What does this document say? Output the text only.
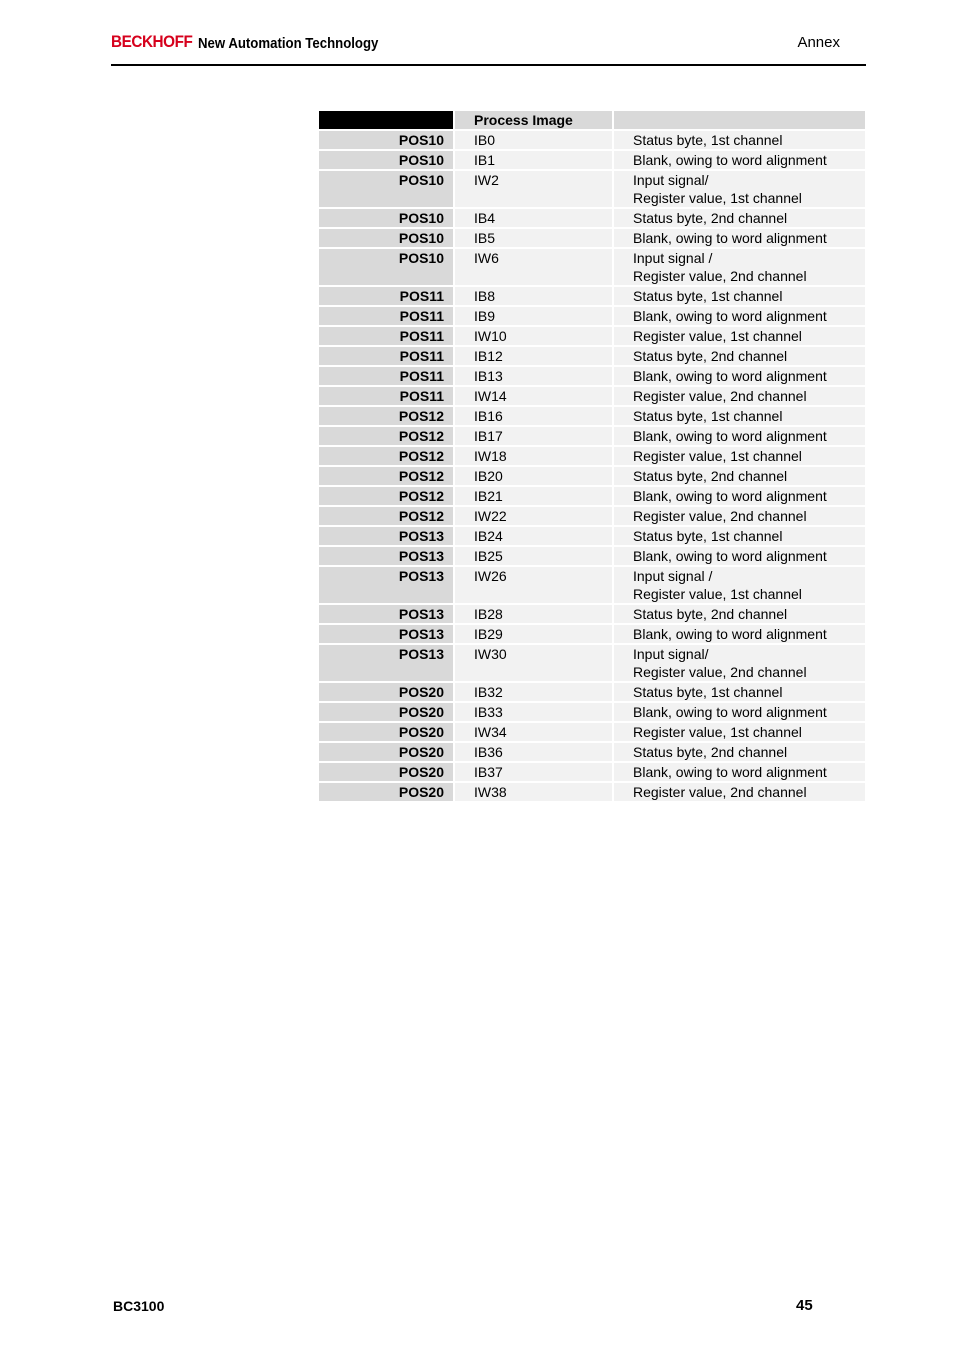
BECKHOFF New Automation Technology	Annex
	Process Image	
POS10	IB0	Status byte, 1st channel
POS10	IB1	Blank, owing to word alignment
POS10	IW2	Input signal/
Register value, 1st channel
POS10	IB4	Status byte, 2nd channel
POS10	IB5	Blank, owing to word alignment
POS10	IW6	Input signal /
Register value, 2nd channel
POS11	IB8	Status byte, 1st channel
POS11	IB9	Blank, owing to word alignment
POS11	IW10	Register value, 1st channel
POS11	IB12	Status byte, 2nd channel
POS11	IB13	Blank, owing to word alignment
POS11	IW14	Register value, 2nd channel
POS12	IB16	Status byte, 1st channel
POS12	IB17	Blank, owing to word alignment
POS12	IW18	Register value, 1st channel
POS12	IB20	Status byte, 2nd channel
POS12	IB21	Blank, owing to word alignment
POS12	IW22	Register value, 2nd channel
POS13	IB24	Status byte, 1st channel
POS13	IB25	Blank, owing to word alignment
POS13	IW26	Input signal /
Register value, 1st channel
POS13	IB28	Status byte, 2nd channel
POS13	IB29	Blank, owing to word alignment
POS13	IW30	Input signal/
Register value, 2nd channel
POS20	IB32	Status byte, 1st channel
POS20	IB33	Blank, owing to word alignment
POS20	IW34	Register value, 1st channel
POS20	IB36	Status byte, 2nd channel
POS20	IB37	Blank, owing to word alignment
POS20	IW38	Register value, 2nd channel
BC3100	45
